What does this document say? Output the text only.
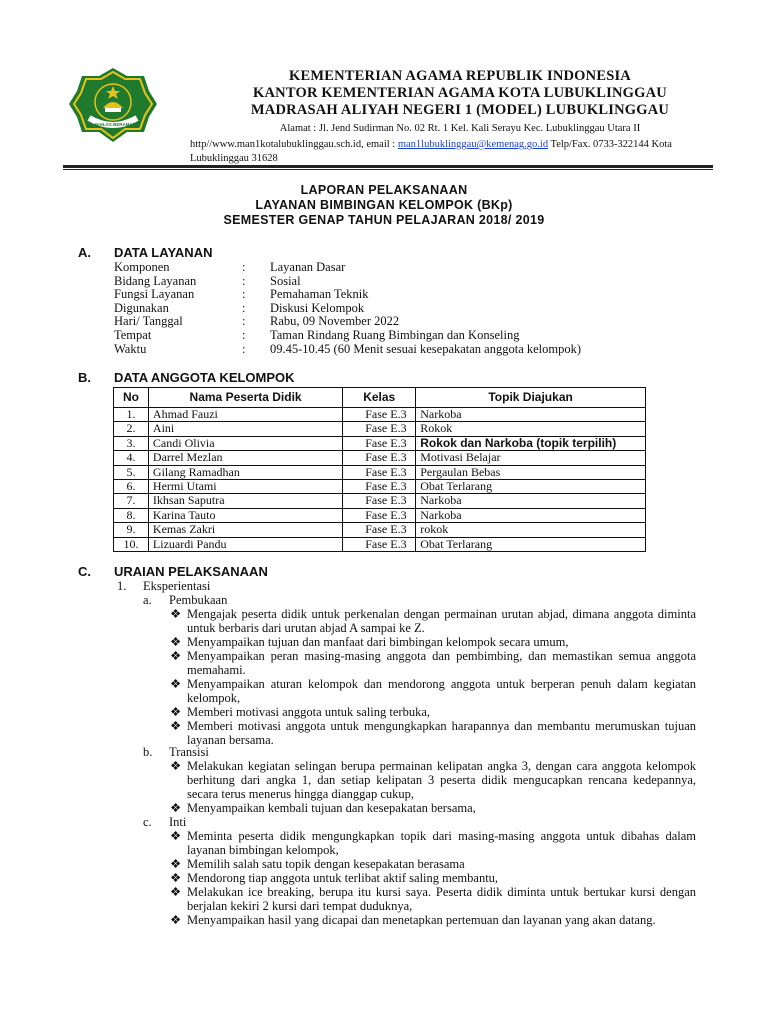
IKHLAS BERAMAL
KEMENTERIAN AGAMA REPUBLIK INDONESIA
KANTOR KEMENTERIAN AGAMA KOTA LUBUKLINGGAU
MADRASAH ALIYAH NEGERI 1 (MODEL) LUBUKLINGGAU
Alamat : Jl. Jend Sudirman No. 02 Rt. 1 Kel. Kali Serayu Kec. Lubuklinggau Utara II
http//www.man1kotalubuklinggau.sch.id, email : man1lubuklinggau@kemenag.go.id Telp/Fax. 0733-322144 Kota Lubuklinggau 31628
LAPORAN PELAKSANAAN
LAYANAN BIMBINGAN KELOMPOK (BKp)
SEMESTER GENAP TAHUN PELAJARAN 2018/ 2019
A. DATA LAYANAN
Komponen	: Layanan Dasar
Bidang Layanan	: Sosial
Fungsi Layanan	: Pemahaman Teknik
Digunakan	: Diskusi Kelompok
Hari/ Tanggal	: Rabu, 09 November 2022
Tempat	: Taman Rindang Ruang Bimbingan dan Konseling
Waktu	: 09.45-10.45 (60 Menit sesuai kesepakatan anggota kelompok)
B. DATA ANGGOTA KELOMPOK
No	Nama Peserta Didik	Kelas	Topik Diajukan
1.	Ahmad Fauzi	Fase E.3	Narkoba
2.	Aini	Fase E.3	Rokok
3.	Candi Olivia	Fase E.3	Rokok dan Narkoba (topik terpilih)
4.	Darrel Mezlan	Fase E.3	Motivasi Belajar
5.	Gilang Ramadhan	Fase E.3	Pergaulan Bebas
6.	Hermi Utami	Fase E.3	Obat Terlarang
7.	Ikhsan Saputra	Fase E.3	Narkoba
8.	Karina Tauto	Fase E.3	Narkoba
9.	Kemas Zakri	Fase E.3	rokok
10.	Lizuardi Pandu	Fase E.3	Obat Terlarang
C. URAIAN PELAKSANAAN
1. Eksperientasi
a. Pembukaan
❖ Mengajak peserta didik untuk perkenalan dengan permainan urutan abjad, dimana anggota diminta untuk berbaris dari urutan abjad A sampai ke Z.
❖ Menyampaikan tujuan dan manfaat dari bimbingan kelompok secara umum,
❖ Menyampaikan peran masing-masing anggota dan pembimbing, dan memastikan semua anggota memahami.
❖ Menyampaikan aturan kelompok dan mendorong anggota untuk berperan penuh dalam kegiatan kelompok,
❖ Memberi motivasi anggota untuk saling terbuka,
❖ Memberi motivasi anggota untuk mengungkapkan harapannya dan membantu merumuskan tujuan layanan bersama.
b. Transisi
❖ Melakukan kegiatan selingan berupa permainan kelipatan angka 3, dengan cara anggota kelompok berhitung dari angka 1, dan setiap kelipatan 3 peserta didik mengucapkan rencana kedepannya, secara terus menerus hingga dianggap cukup,
❖ Menyampaikan kembali tujuan dan kesepakatan bersama,
c. Inti
❖ Meminta peserta didik mengungkapkan topik dari masing-masing anggota untuk dibahas dalam layanan bimbingan kelompok,
❖ Memilih salah satu topik dengan kesepakatan berasama
❖ Mendorong tiap anggota untuk terlibat aktif saling membantu,
❖ Melakukan ice breaking, berupa itu kursi saya. Peserta didik diminta untuk bertukar kursi dengan berjalan kekiri 2 kursi dari tempat duduknya,
❖ Menyampaikan hasil yang dicapai dan menetapkan pertemuan dan layanan yang akan datang.
